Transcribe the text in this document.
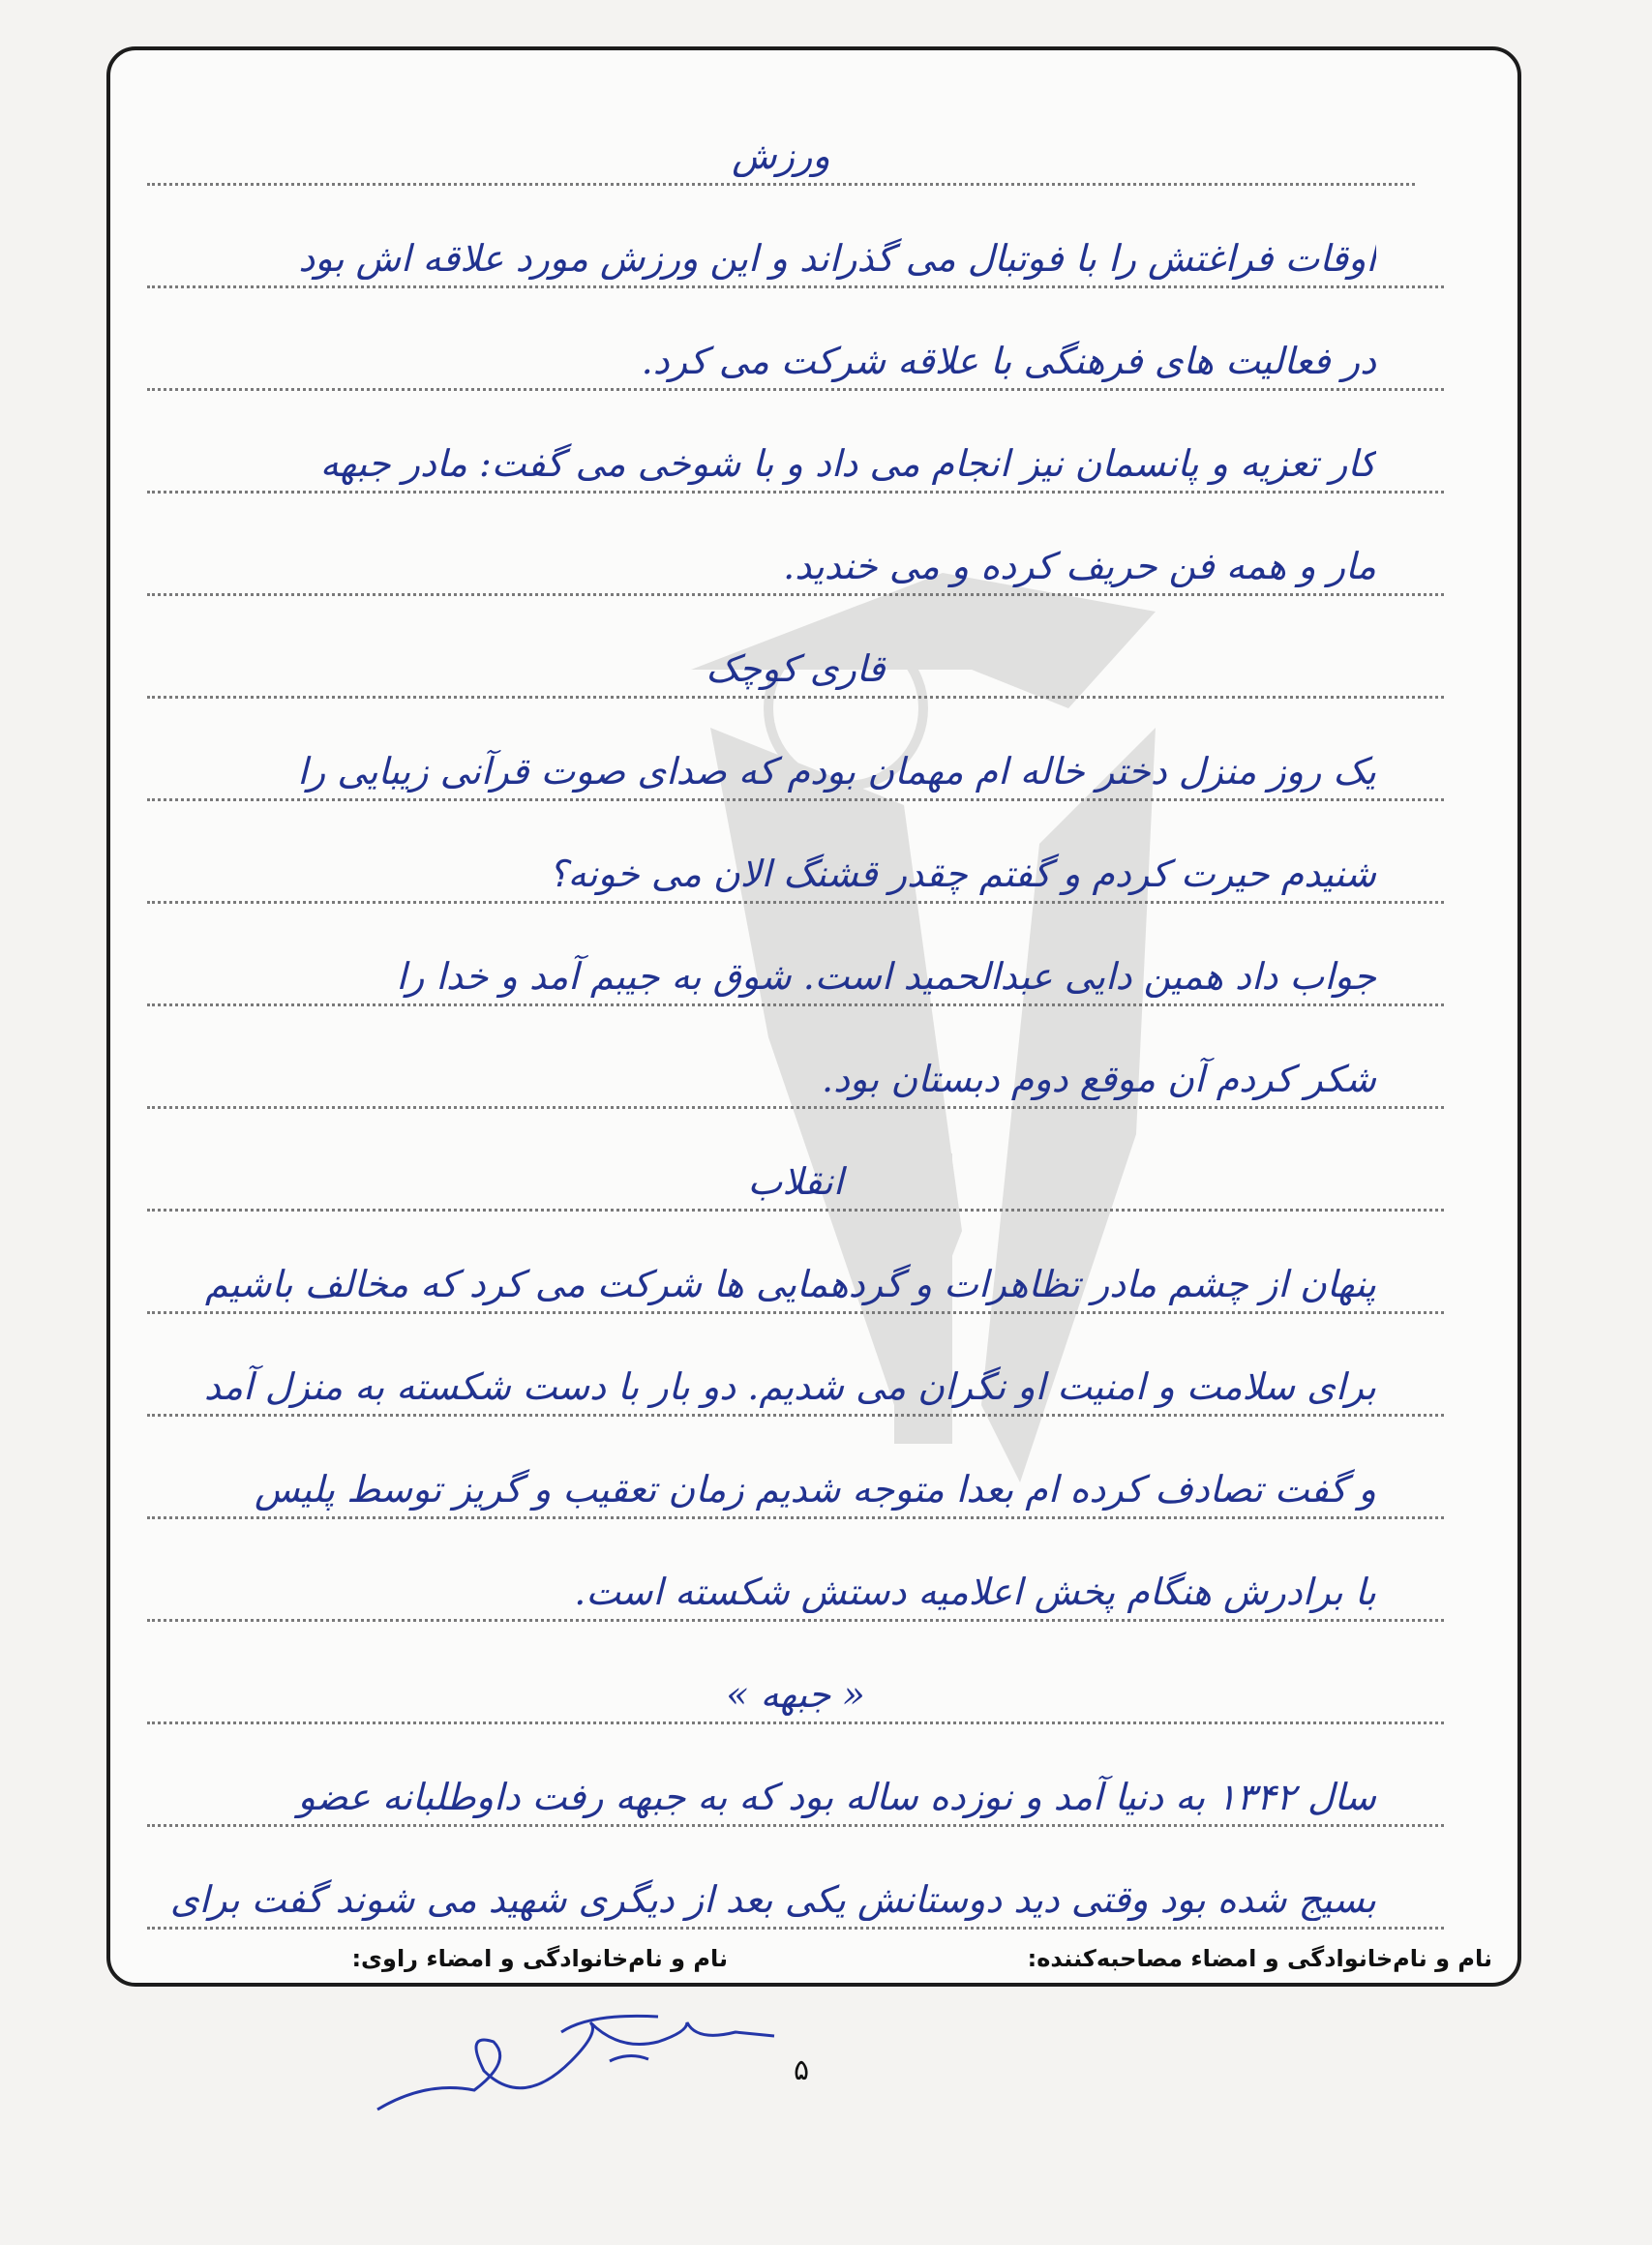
ورزش
اوقات فراغتش را با فوتبال می گذراند و این ورزش مورد علاقه اش بود
در فعالیت های فرهنگی با علاقه شرکت می کرد.
کار تعزیه و پانسمان نیز انجام می داد و با شوخی می گفت: مادر جبهه
مار و همه فن حریف کرده و می خندید.
قاری کوچک
یک روز منزل دختر خاله ام مهمان بودم که صدای صوت قرآنی زیبایی را
شنیدم حیرت کردم و گفتم چقدر قشنگ الان می خونه؟
جواب داد همین دایی عبدالحمید است. شوق به جیبم آمد و خدا را
شکر کردم آن موقع دوم دبستان بود.
انقلاب
پنهان از چشم مادر تظاهرات و گردهمایی ها شرکت می کرد که مخالف باشیم
برای سلامت و امنیت او نگران می شدیم. دو بار با دست شکسته به منزل آمد
و گفت تصادف کرده ام بعدا متوجه شدیم زمان تعقیب و گریز توسط پلیس
با برادرش هنگام پخش اعلامیه دستش شکسته است.
« جبهه »
سال ۱۳۴۲ به دنیا آمد و نوزده ساله بود که به جبهه رفت داوطلبانه عضو
بسیج شده بود وقتی دید دوستانش یکی بعد از دیگری شهید می شوند گفت برای
نام و نام‌خانوادگی و امضاء مصاحبه‌کننده:
نام و نام‌خانوادگی و امضاء راوی:
۵
